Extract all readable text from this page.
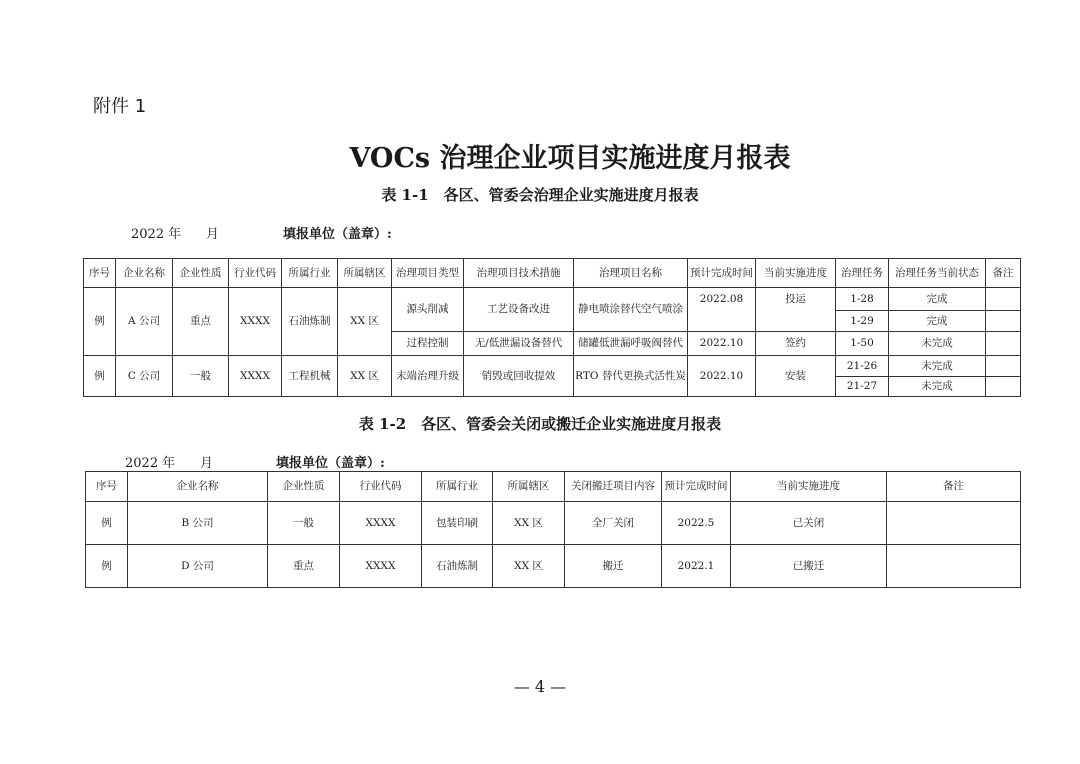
附件 1
VOCs 治理企业项目实施进度月报表
表 1-1　各区、管委会治理企业实施进度月报表
2022 年 月	填报单位（盖章）:
序号	企业名称	企业性质	行业代码	所属行业	所属辖区	治理项目类型	治理项目技术措施	治理项目名称	预计完成时间	当前实施进度	治理任务	治理任务当前状态	备注
例	A 公司	重点	XXXX	石油炼制	XX 区	源头削减	工艺设备改进	静电喷涂替代空气喷涂	2022.08	投运	1-28	完成	
											1-29	完成	
						过程控制	无/低泄漏设备替代	储罐低泄漏呼吸阀替代	2022.10	签约	1-50	未完成	
例	C 公司	一般	XXXX	工程机械	XX 区	末端治理升级	销毁或回收提效	RTO 替代更换式活性炭	2022.10	安装	21-26	未完成	
											21-27	未完成	
表 1-2　各区、管委会关闭或搬迁企业实施进度月报表
2022 年 月	填报单位（盖章）:
序号	企业名称	企业性质	行业代码	所属行业	所属辖区	关闭搬迁项目内容	预计完成时间	当前实施进度	备注
例	B 公司	一般	XXXX	包装印刷	XX 区	全厂关闭	2022.5	已关闭	
例	D 公司	重点	XXXX	石油炼制	XX 区	搬迁	2022.1	已搬迁	
— 4 —
